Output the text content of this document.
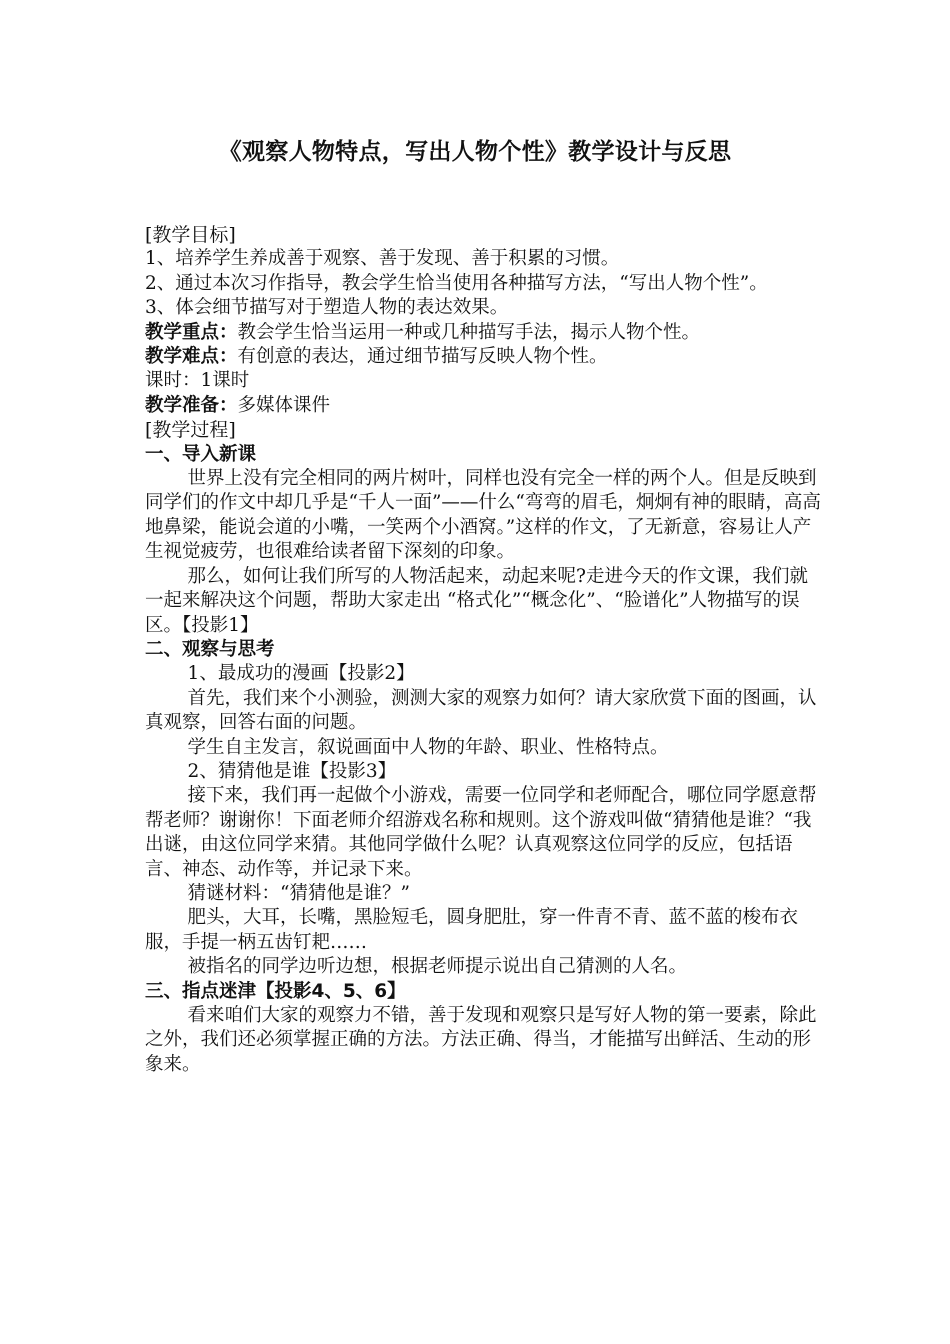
《观察人物特点，写出人物个性》教学设计与反思

[教学目标]

1、培养学生养成善于观察、善于发现、善于积累的习惯。

2、通过本次习作指导，教会学生恰当使用各种描写方法，“写出人物个性”。

3、体会细节描写对于塑造人物的表达效果。

教学重点：教会学生恰当运用一种或几种描写手法，揭示人物个性。

教学难点：有创意的表达，通过细节描写反映人物个性。

课时：1课时

教学准备：多媒体课件

[教学过程]

一、导入新课

世界上没有完全相同的两片树叶，同样也没有完全一样的两个人。但是反映到同学们的作文中却几乎是“千人一面”——什么“弯弯的眉毛，炯炯有神的眼睛，高高地鼻梁，能说会道的小嘴，一笑两个小酒窝。”这样的作文，了无新意，容易让人产生视觉疲劳，也很难给读者留下深刻的印象。

那么，如何让我们所写的人物活起来，动起来呢?走进今天的作文课，我们就一起来解决这个问题，帮助大家走出 “格式化”“概念化”、“脸谱化”人物描写的误区。【投影1】

二、观察与思考

1、最成功的漫画【投影2】

首先，我们来个小测验，测测大家的观察力如何？请大家欣赏下面的图画，认真观察，回答右面的问题。

学生自主发言，叙说画面中人物的年龄、职业、性格特点。

2、猜猜他是谁【投影3】

接下来，我们再一起做个小游戏，需要一位同学和老师配合，哪位同学愿意帮帮老师？谢谢你！下面老师介绍游戏名称和规则。这个游戏叫做“猜猜他是谁？“我出谜，由这位同学来猜。其他同学做什么呢？认真观察这位同学的反应，包括语言、神态、动作等，并记录下来。

猜谜材料：“猜猜他是谁？”

肥头，大耳，长嘴，黑脸短毛，圆身肥肚，穿一件青不青、蓝不蓝的梭布衣服，手提一柄五齿钉耙……

被指名的同学边听边想，根据老师提示说出自己猜测的人名。

三、指点迷津【投影4、5、6】

看来咱们大家的观察力不错，善于发现和观察只是写好人物的第一要素，除此之外，我们还必须掌握正确的方法。方法正确、得当，才能描写出鲜活、生动的形象来。
